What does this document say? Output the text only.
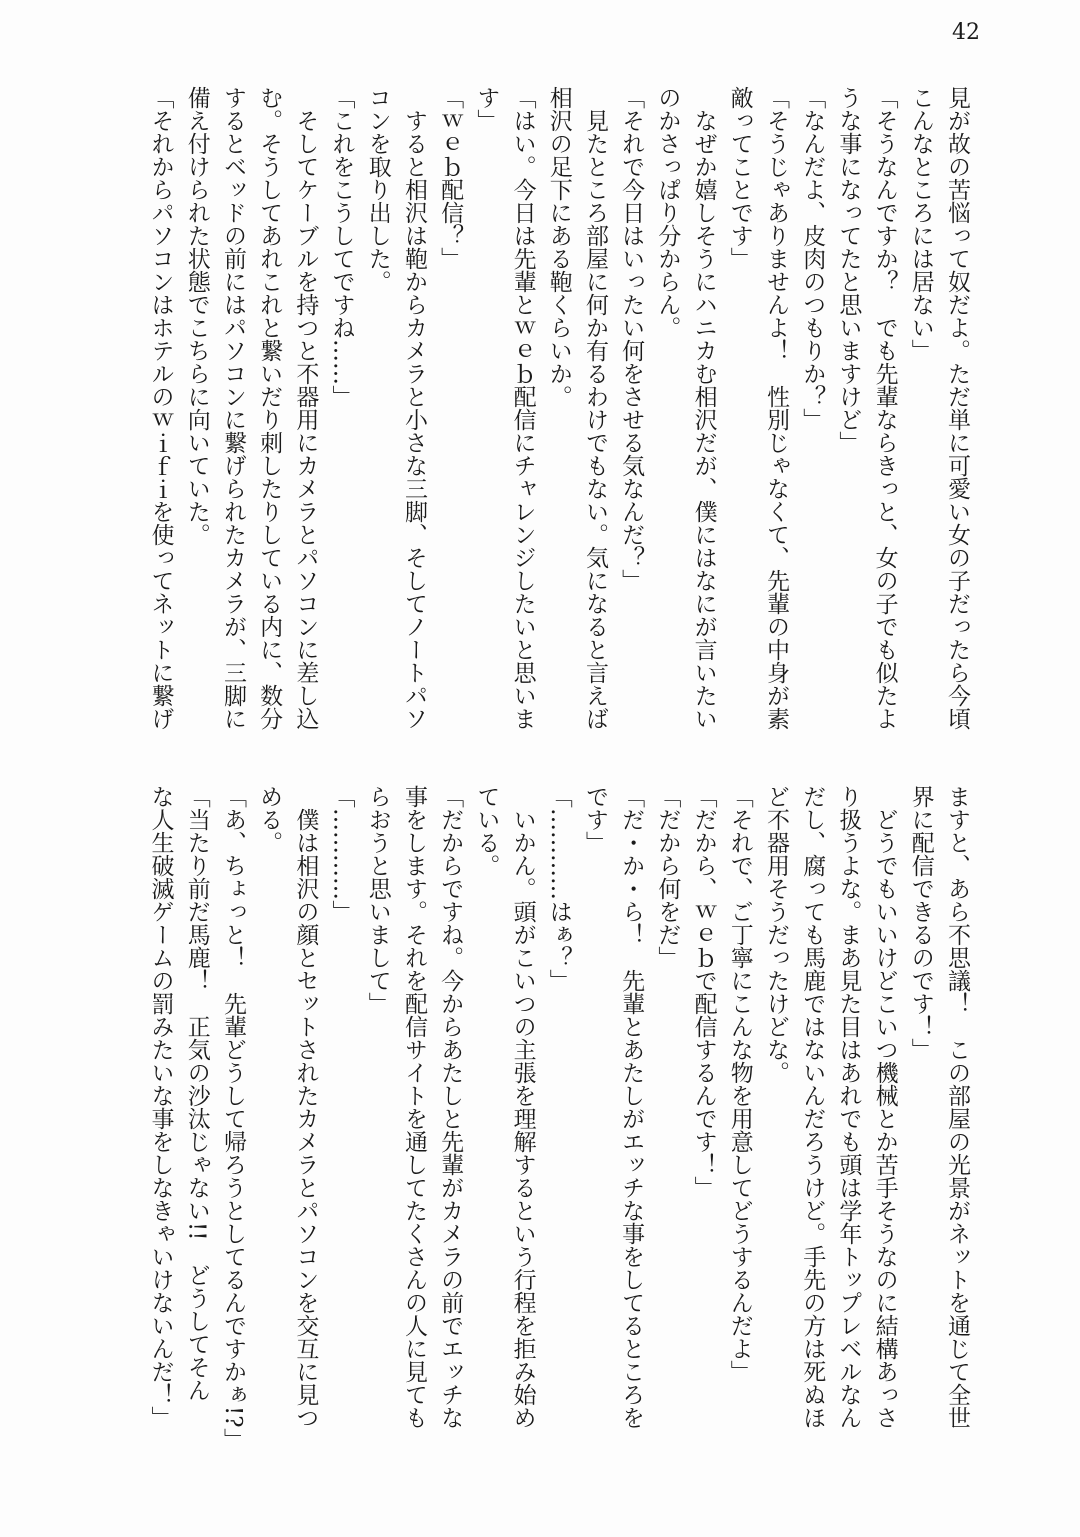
42
見が故の苦悩って奴だよ。ただ単に可愛い女の子だったら今頃
こんなところには居ない」
「そうなんですか？　でも先輩ならきっと、女の子でも似たよ
うな事になってたと思いますけど」
「なんだよ、皮肉のつもりか？」
「そうじゃありませんよ！　性別じゃなくて、先輩の中身が素
敵ってことです」
　なぜか嬉しそうにハニカむ相沢だが、僕にはなにが言いたい
のかさっぱり分からん。
「それで今日はいったい何をさせる気なんだ？」
　見たところ部屋に何か有るわけでもない。気になると言えば
相沢の足下にある鞄くらいか。
「はい。今日は先輩とｗｅｂ配信にチャレンジしたいと思いま
す」
「ｗｅｂ配信？」
　すると相沢は鞄からカメラと小さな三脚、そしてノートパソ
コンを取り出した。
「これをこうしてですね……」
　そしてケーブルを持つと不器用にカメラとパソコンに差し込
む。そうしてあれこれと繋いだり刺したりしている内に、数分
するとベッドの前にはパソコンに繋げられたカメラが、三脚に
備え付けられた状態でこちらに向いていた。
「それからパソコンはホテルのｗｉｆｉを使ってネットに繋げ
ますと、あら不思議！　この部屋の光景がネットを通じて全世
界に配信できるのです！」
　どうでもいいけどこいつ機械とか苦手そうなのに結構あっさ
り扱うよな。まあ見た目はあれでも頭は学年トップレベルなん
だし、腐っても馬鹿ではないんだろうけど。手先の方は死ぬほ
ど不器用そうだったけどな。
「それで、ご丁寧にこんな物を用意してどうするんだよ」
「だから、ｗｅｂで配信するんです！」
「だから何をだ」
「だ・か・ら！　先輩とあたしがエッチな事をしてるところを
です」
「…………はぁ？」
　いかん。頭がこいつの主張を理解するという行程を拒み始め
ている。
「だからですね。今からあたしと先輩がカメラの前でエッチな
事をします。それを配信サイトを通してたくさんの人に見ても
らおうと思いまして」
「…………」
　僕は相沢の顔とセットされたカメラとパソコンを交互に見つ
める。
「あ、ちょっと！　先輩どうして帰ろうとしてるんですかぁ!?」
「当たり前だ馬鹿！　正気の沙汰じゃない!!　どうしてそん
な人生破滅ゲームの罰みたいな事をしなきゃいけないんだ！」
